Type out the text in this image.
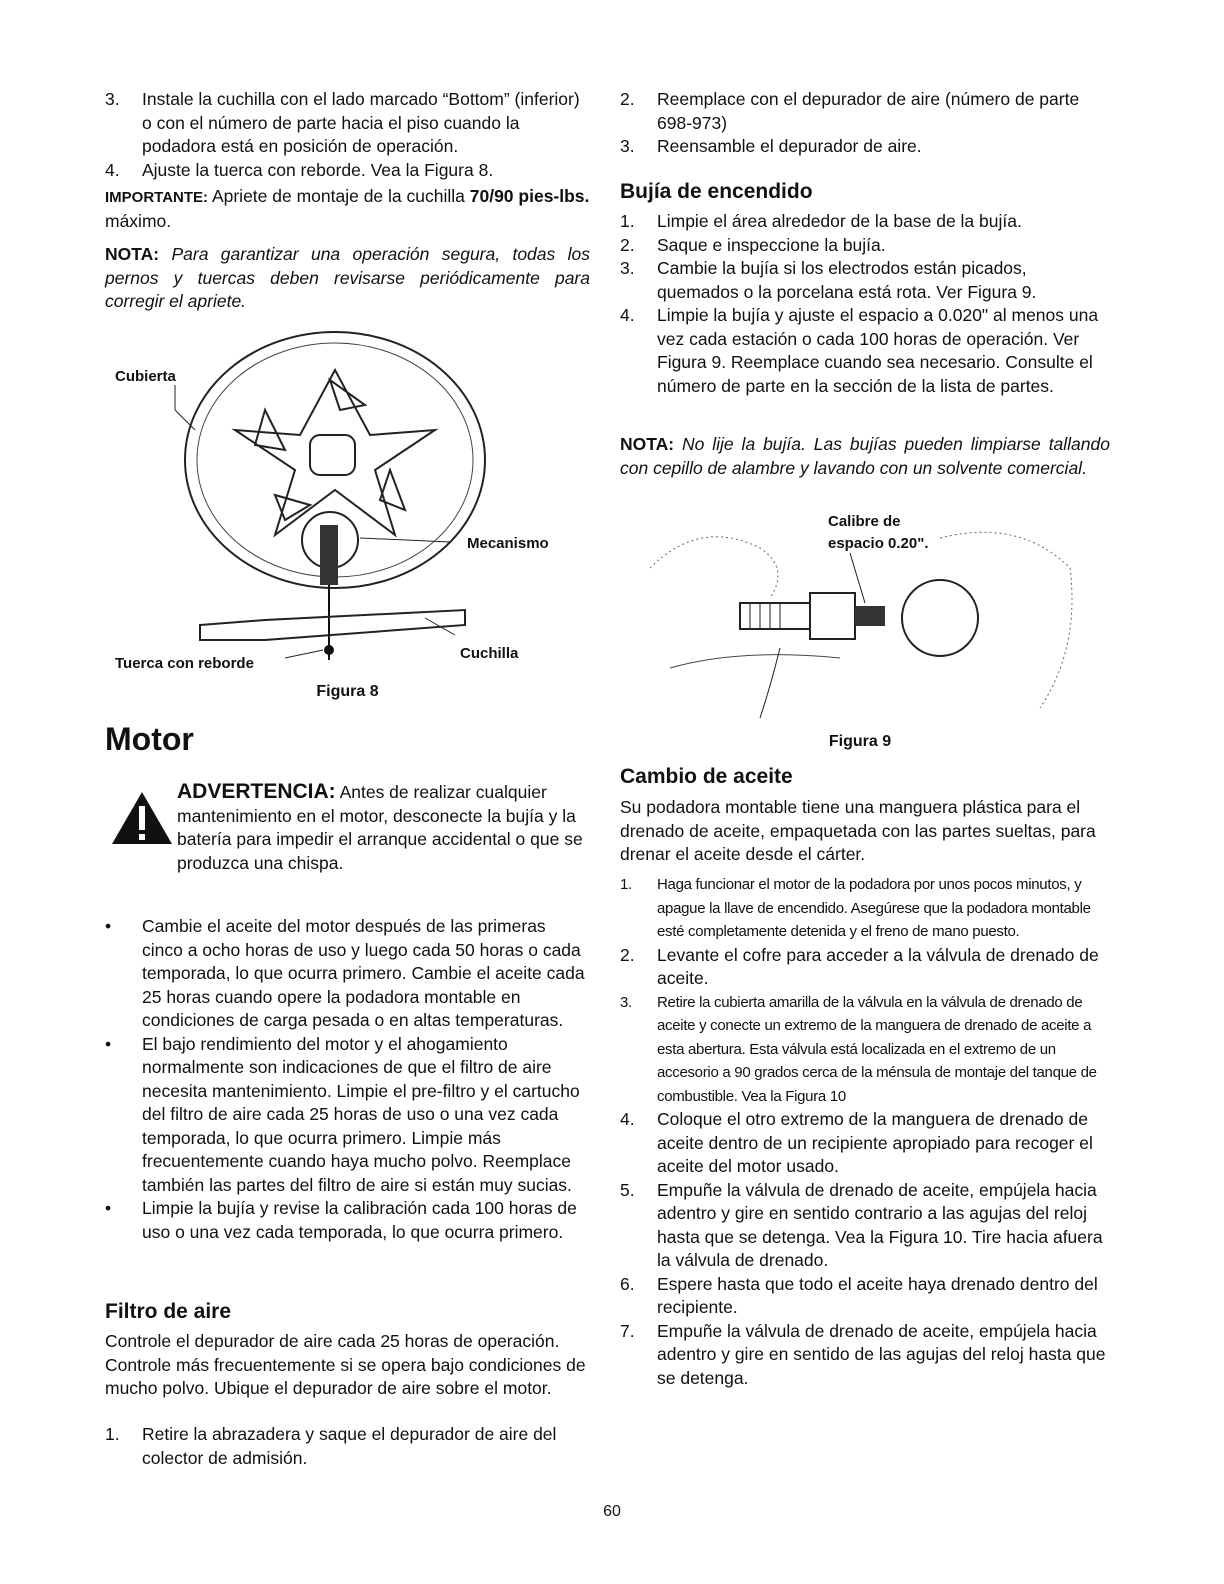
3.	Instale la cuchilla con el lado marcado “Bottom” (inferior) o con el número de parte hacia el piso cuando la podadora está en posición de operación.
4.	Ajuste la tuerca con reborde. Vea la Figura 8.

IMPORTANTE: Apriete de montaje de la cuchilla 70/90 pies-lbs. máximo.

NOTA: Para garantizar una operación segura, todas los pernos y tuercas deben revisarse periódicamente para corregir el apriete.

Cubierta
Mecanismo
Tuerca con reborde
Cuchilla
Figura 8
Motor

ADVERTENCIA: Antes de realizar cualquier mantenimiento en el motor, desconecte la bujía y la batería para impedir el arranque accidental o que se produzca una chispa.

•	Cambie el aceite del motor después de las primeras cinco a ocho horas de uso y luego cada 50 horas o cada temporada, lo que ocurra primero. Cambie el aceite cada 25 horas cuando opere la podadora montable en condiciones de carga pesada o en altas temperaturas.
•	El bajo rendimiento del motor y el ahogamiento normalmente son indicaciones de que el filtro de aire necesita mantenimiento. Limpie el pre-filtro y el cartucho del filtro de aire cada 25 horas de uso o una vez cada temporada, lo que ocurra primero. Limpie más frecuentemente cuando haya mucho polvo. Reemplace también las partes del filtro de aire si están muy sucias.
•	Limpie la bujía y revise la calibración cada 100 horas de uso o una vez cada temporada, lo que ocurra primero.
Filtro de aire

Controle el depurador de aire cada 25 horas de operación. Controle más frecuentemente si se opera bajo condiciones de mucho polvo. Ubique el depurador de aire sobre el motor.

1.	Retire la abrazadera y saque el depurador de aire del colector de admisión.
2.	Reemplace con el depurador de aire (número de parte 698-973)
3.	Reensamble el depurador de aire.
Bujía de encendido
1.	Limpie el área alrededor de la base de la bujía.
2.	Saque e inspeccione la bujía.
3.	Cambie la bujía si los electrodos están picados, quemados o la porcelana está rota. Ver Figura 9.
4.	Limpie la bujía y ajuste el espacio a 0.020" al menos una vez cada estación o cada 100 horas de operación. Ver Figura 9. Reemplace cuando sea necesario. Consulte el número de parte en la sección de la lista de partes.

NOTA: No lije la bujía. Las bujías pueden limpiarse tallando con cepillo de alambre y lavando con un solvente comercial.

Calibre de
espacio 0.20".
Figura 9
Cambio de aceite

Su podadora montable tiene una manguera plástica para el drenado de aceite, empaquetada con las partes sueltas, para drenar el aceite desde el cárter.

1.	Haga funcionar el motor de la podadora por unos pocos minutos, y apague la llave de encendido. Asegúrese que la podadora montable esté completamente detenida y el freno de mano puesto.
2.	Levante el cofre para acceder a la válvula de drenado de aceite.
3.	Retire la cubierta amarilla de la válvula en la válvula de drenado de aceite y conecte un extremo de la manguera de drenado de aceite a esta abertura. Esta válvula está localizada en el extremo de un accesorio a 90 grados cerca de la ménsula de montaje del tanque de combustible. Vea la Figura 10
4.	Coloque el otro extremo de la manguera de drenado de aceite dentro de un recipiente apropiado para recoger el aceite del motor usado.
5.	Empuñe la válvula de drenado de aceite, empújela hacia adentro y gire en sentido contrario a las agujas del reloj hasta que se detenga. Vea la Figura 10. Tire hacia afuera la válvula de drenado.
6.	Espere hasta que todo el aceite haya drenado dentro del recipiente.
7.	Empuñe la válvula de drenado de aceite, empújela hacia adentro y gire en sentido de las agujas del reloj hasta que se detenga.
60
